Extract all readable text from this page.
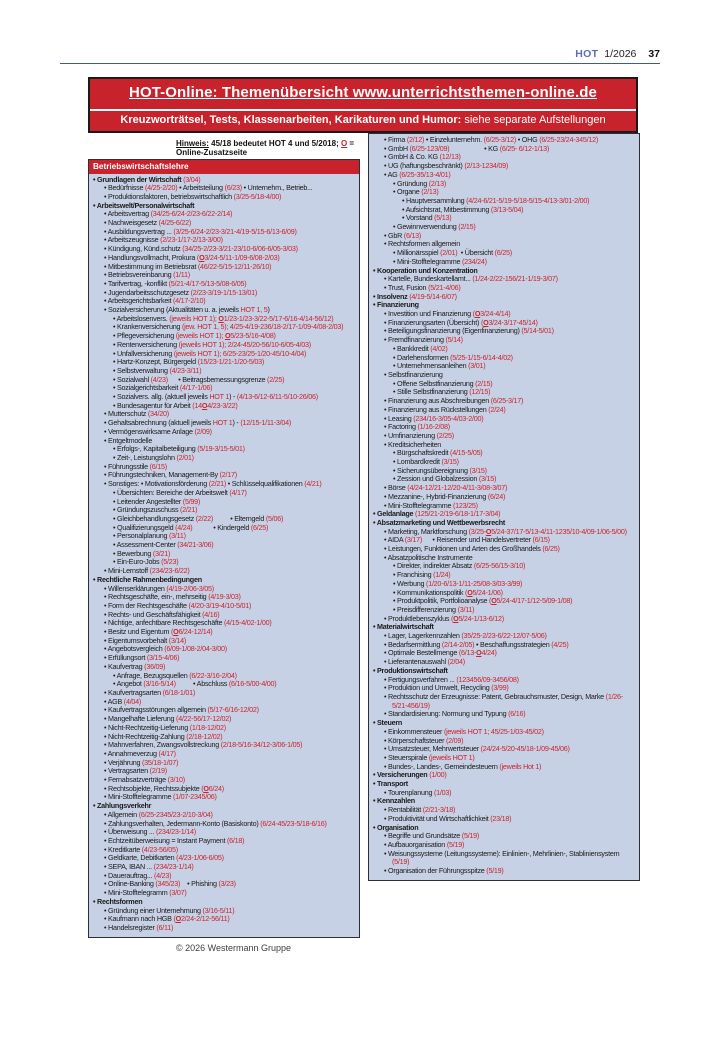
HOT 1/2026 37
HOT-Online: Themenübersicht www.unterrichtsthemen-online.de
Kreuzworträtsel, Tests, Klassenarbeiten, Karikaturen und Humor: siehe separate Aufstellungen
Hinweis: 45/18 bedeutet HOT 4 und 5/2018; O = Online-Zusatzseite
Betriebswirtschaftslehre
• Grundlagen der Wirtschaft (3/04)
• Bedürfnisse (4/25-2/20) • Arbeitsteilung (6/23) • Unternehm., Betrieb...
• Produktionsfaktoren, betriebswirtschaftlich (3/25-5/18-4/00)
• Arbeitswelt/Personalwirtschaft
• Arbeitsvertrag (34/25-6/24-2/23-6/22-2/14)
• Nachweisgesetz (4/25-6/22)
• Ausbildungsvertrag ... (3/25-6/24-2/23-3/21-4/19-5/15-6/13-6/09)
• Arbeitszeugnisse (2/23-1/17-2/13-3/00)
• Kündigung, Künd.schutz (34/25-2/23-3/21-23/10-6/06-6/05-3/03)
• Handlungsvollmacht, Prokura (O3/24-5/11-1/09-6/08-2/03)
• Mitbestimmung im Betriebsrat (46/22-5/15-12/11-26/10)
• Betriebsvereinbarung (1/11)
• Tarifvertrag, -konflikt (5/21-4/17-5/13-5/08-6/05)
• Jugendarbeitsschutzgesetz (2/23-3/19-1/15-13/01)
• Arbeitsgerichtsbarkeit (4/17-2/10)
• Sozialversicherung (Aktualitäten u. a. jeweils HOT 1, 5)
• Arbeitslosenvers. (jeweils HOT 1); O1/23-1/23-3/22-5/17-6/16-4/14-56/12)
• Krankenversicherung (jew. HOT 1, 5); 4/25-4/19-236/18-2/17-1/09-4/08-2/03)
• Pflegeversicherung (jeweils HOT 1); O5/23-5/16-4/08)
• Rentenversicherung (jeweils HOT 1); 2/24-45/20-56/10-6/05-4/03)
• Unfallversicherung (jeweils HOT 1); 6/25-23/25-1/20-45/10-4/04)
• Hartz-Konzept, Bürgergeld (15/23-1/21-1/20-5/03)
• Selbstverwaltung (4/23-3/11)
• Sozialwahl (4/23)  • Beitragsbemessungsgrenze (2/25)
• Sozialgerichtsbarkeit (4/17-1/06)
• Sozialvers. allg. (aktuell jeweils HOT 1) - (4/13-6/12-6/11-5/10-26/06)
• Bundesagentur für Arbeit (14O4/23-3/22)
• Mutterschutz (34/20)
• Gehaltsabrechnung (aktuell jeweils HOT 1) - (12/15-1/11-3/04)
• Vermögenswirksame Anlage (2/09)
• Entgeltmodelle
• Erfolgs-, Kapitalbeteiligung (5/19-3/15-5/01)
• Zeit-, Leistungslohn (2/01)
• Führungsstile (6/15)
• Führungstechniken, Management-By (2/17)
• Sonstiges: • Motivationsförderung (2/21) • Schlüsselqualifikationen (4/21)
• Übersichten: Bereiche der Arbeitswelt (4/17)
• Leitender Angestellter (5/99)
• Gründungszuschuss (2/21)
• Gleichbehandlungsgesetz (2/22)   • Elterngeld (5/06)
• Qualifizierungsgeld (4/24)   • Kindergeld (6/25)
• Personalplanung (3/11)
• Assessment-Center (34/21-3/06)
• Bewerbung (3/21)
• Ein-Euro-Jobs (5/23)
• Mini-Lernstoff (234/23-6/22)
• Rechtliche Rahmenbedingungen
• Willenserklärungen (4/19-2/06-3/05)
• Rechtsgeschäfte, ein-, mehrseitig (4/19-3/03)
• Form der Rechtsgeschäfte (4/20-3/19-4/10-5/01)
• Rechts- und Geschäftsfähigkeit (4/16)
• Nichtige, anfechtbare Rechtsgeschäfte (4/15-4/02-1/00)
• Besitz und Eigentum (O6/24-12/14)
• Eigentumsvorbehalt (3/14)
• Angebotsvergleich (6/09-1/08-2/04-3/00)
• Erfüllungsort (3/15-4/06)
• Kaufvertrag (36/09)
• Anfrage, Bezugsquellen (6/22-3/16-2/04)
• Angebot (3/16-5/14)   • Abschluss (6/16-5/00-4/00)
• Kaufvertragsarten (6/18-1/01)
• AGB (4/04)
• Kaufvertragsstörungen allgemein (5/17-6/16-12/02)
• Mangelhafte Lieferung (4/22-56/17-12/02)
• Nicht-Rechtzeitig-Lieferung (1/18-12/02)
• Nicht-Rechtzeitig-Zahlung (2/18-12/02)
• Mahnverfahren, Zwangsvollstreckung (2/18-5/16-34/12-3/06-1/05)
• Annahmeverzug (4/17)
• Verjährung (35/18-1/07)
• Vertragsarten (2/19)
• Fernabsatzverträge (3/10)
• Rechtsobjekte, Rechtssubjekte (O6/24)
• Mini-Stofftelegramme (1/07-2345/06)
• Zahlungsverkehr
• Allgemein (6/25-2345/23-2/10-3/04)
• Zahlungsverhalten, Jedermann-Konto (Basiskonto) (6/24-45/23-5/18-6/16)
• Überweisung ... (234/23-1/14)
• Echtzeitüberweisung = Instant Payment (6/18)
• Kreditkarte (4/23-56/05)
• Geldkarte, Debitkarten (4/23-1/06-6/05)
• SEPA, IBAN ... (234/23-1/14)
• Dauerauftrag... (4/23)
• Online-Banking (345/23) • Phishing (3/23)
• Mini-Stofftelegramm (3/07)
• Rechtsformen
• Gründung einer Unternehmung (3/16-5/11)
• Kaufmann nach HGB (O2/24-2/12-56/11)
• Handelsregister (6/11)
© 2026 Westermann Gruppe
• Firma (2/12) • Einzelunternehm. (6/25-3/12) • OHG (6/25-23/24-345/12)
• GmbH (6/25-123/09)     • KG (6/25- 6/12-1/13)
• GmbH & Co. KG (12/13)
• UG (haftungsbeschränkt) (2/13-1234/09)
• AG (6/25-35/13-4/01)
• Gründung (2/13)
• Organe (2/13)
• Hauptversammlung (4/24-6/21-5/19-5/18-5/15-4/13-3/01-2/00)
• Aufsichtsrat, Mitbestimmung (3/13-5/04)
• Vorstand (5/13)
• Gewinnverwendung (2/15)
• GbR (6/13)
• Rechtsformen allgemein
• Millionärsspiel (2/01) • Übersicht (6/25)
• Mini-Stofftelegramme (234/24)
• Kooperation und Konzentration
• Kartelle, Bundeskartellamt... (1/24-2/22-156/21-1/19-3/07)
• Trust, Fusion (5/21-4/06)
• Insolvenz (4/19-5/14-6/07)
• Finanzierung
• Investition und Finanzierung (O3/24-4/14)
• Finanzierungsarten (Übersicht) (O3/24-3/17-45/14)
• Beteiligungsfinanzierung (Eigenfinanzierung) (5/14-5/01)
• Fremdfinanzierung (5/14)
• Bankkredit (4/02)
• Darlehensformen (5/25-1/15-6/14-4/02)
• Unternehmensanleihen (3/01)
• Selbstfinanzierung
• Offene Selbstfinanzierung (2/15)
• Stille Selbstfinanzierung (12/15)
• Finanzierung aus Abschreibungen (6/25-3/17)
• Finanzierung aus Rückstellungen (2/24)
• Leasing (234/16-3/05-4/03-2/00)
• Factoring (1/16-2/08)
• Umfinanzierung (2/25)
• Kreditsicherheiten
• Bürgschaftskredit (4/15-5/05)
• Lombardkredit (3/15)
• Sicherungsübereignung (3/15)
• Zession und Globalzession (3/15)
• Börse (4/24-12/21-12/20-4/11-3/08-3/07)
• Mezzanine-, Hybrid-Finanzierung (6/24)
• Mini-Stofftelegramme (123/25)
• Geldanlage (125/21-2/19-6/18-1/17-3/04)
• Absatzmarketing und Wettbewerbsrecht
• Marketing, Marktforschung (3/25-O5/24-37/17-5/13-4/11-1235/10-4/09-1/06-5/00)
• AIDA (3/17)  • Reisender und Handelsvertreter (6/15)
• Leistungen, Funktionen und Arten des Großhandels (6/25)
• Absatzpolitische Instrumente
• Direkter, indirekter Absatz (6/25-56/15-3/10)
• Franchising (1/24)
• Werbung (1/20-6/13-1/11-25/08-3/03-3/99)
• Kommunikationspolitik (O5/24-1/06)
• Produktpolitik, Portfolioanalyse (O5/24-4/17-1/12-5/09-1/08)
• Preisdifferenzierung (3/11)
• Produktlebenszyklus (O5/24-1/13-6/12)
• Materialwirtschaft
• Lager, Lagerkennzahlen (35/25-2/23-6/22-12/07-5/06)
• Bedarfsermittlung (2/14-2/05) • Beschaffungsstrategien (4/25)
• Optimale Bestellmenge (6/13-O4/24)
• Lieferantenauswahl (2/04)
• Produktionswirtschaft
• Fertigungsverfahren ... (123456/09-3456/08)
• Produktion und Umwelt, Recycling (3/99)
• Rechtsschutz der Erzeugnisse: Patent, Gebrauchsmuster, Design, Marke (1/26-5/21-456/19)
• Standardisierung: Normung und Typung (6/16)
• Steuern
• Einkommensteuer (jeweils HOT 1; 45/25-1/03-45/02)
• Körperschaftsteuer (2/09)
• Umsatzsteuer, Mehrwertsteuer (24/24-5/20-45/18-1/09-45/06)
• Steuerspirale (jeweils HOT 1)
• Bundes-, Landes-, Gemeindesteuern (jeweils Hot 1)
• Versicherungen (1/00)
• Transport
• Tourenplanung (1/03)
• Kennzahlen
• Rentabilität (2/21-3/18)
• Produktivität und Wirtschaftlichkeit (23/18)
• Organisation
• Begriffe und Grundsätze (5/19)
• Aufbauorganisation (5/19)
• Weisungssysteme (Leitungssysteme): Einlinien-, Mehrlinien-, Stabliniensystem (5/19)
• Organisation der Führungsspitze (5/19)
